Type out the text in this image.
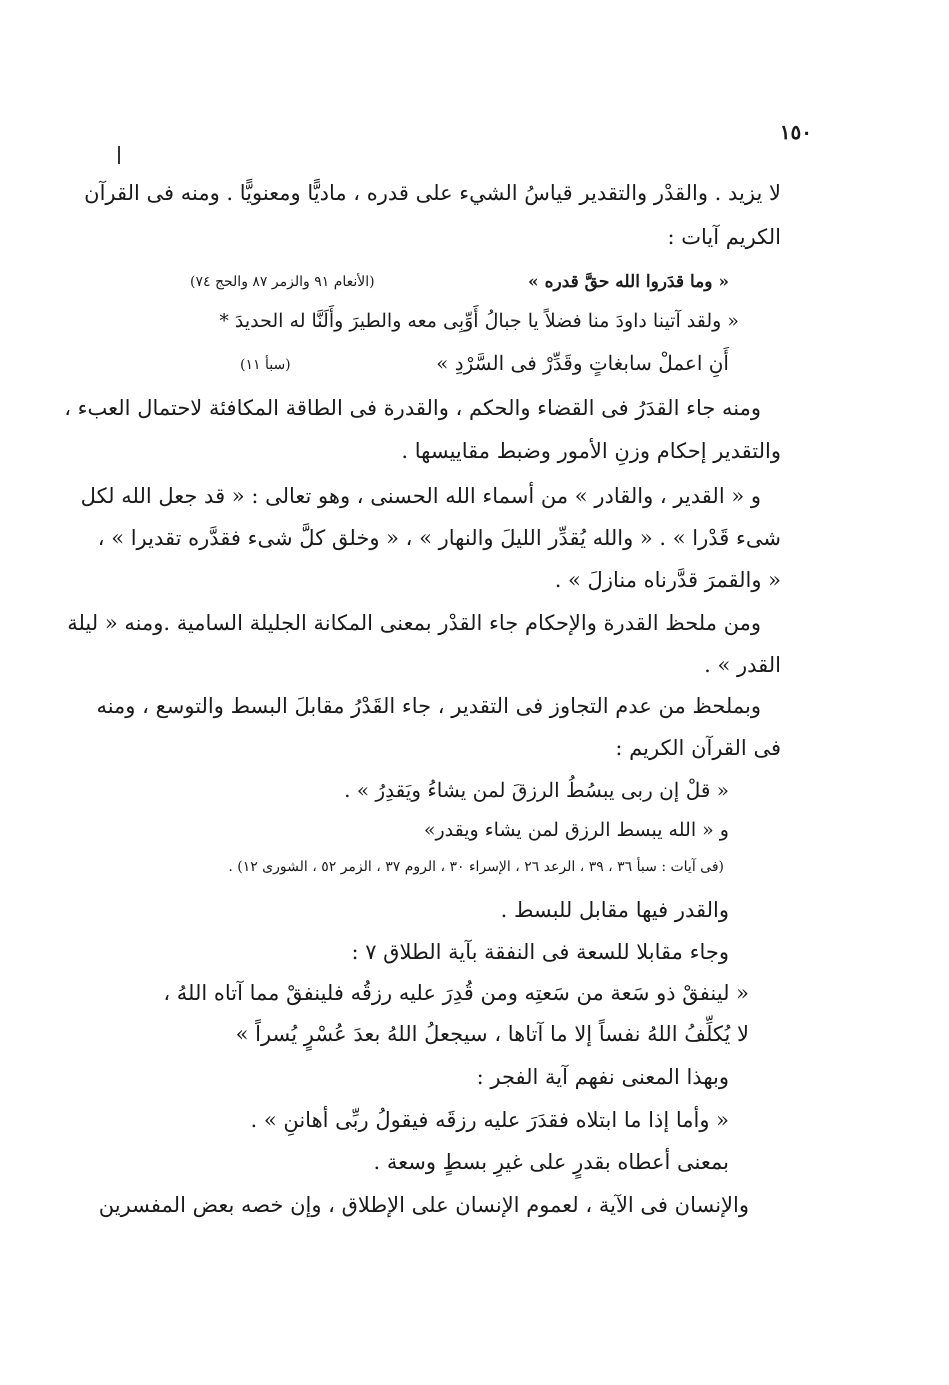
١٥٠
لا يزيد . والقدْر والتقدير قياسُ الشيء على قدره ، ماديًّا ومعنويًّا . ومنه فى القرآن
الكريم آيات :
« وما قدَروا الله حقَّ قدره »
(الأنعام ٩١ والزمر ٨٧ والحج ٧٤)
« ولقد آتينا داودَ منا فضلاً يا جبالُ أَوِّبِى معه والطيرَ وأَلَنَّا له الحديدَ *
أَنِ اعملْ سابغاتٍ وقَدِّرْ فى السَّرْدِ »
(سبأ ١١)
ومنه جاء القدَرُ فى القضاء والحكم ، والقدرة فى الطاقة المكافئة لاحتمال العبء ،
والتقدير إحكام وزنِ الأمور وضبط مقاييسها .
و « القدير ، والقادر » من أسماء الله الحسنى ، وهو تعالى : « قد جعل الله لكل
شىء قَدْرا » . « والله يُقدِّر الليلَ والنهار » ، « وخلق كلَّ شىء فقدَّره تقديرا » ،
« والقمرَ قدَّرناه منازلَ » .
ومن ملحظ القدرة والإحكام جاء القدْر بمعنى المكانة الجليلة السامية .ومنه « ليلة
القدر » .
وبملحظ من عدم التجاوز فى التقدير ، جاء القَدْرُ مقابلَ البسط والتوسع ، ومنه
فى القرآن الكريم :
« قلْ إن ربى يبسُطُ الرزقَ لمن يشاءُ ويَقدِرُ » .
و « الله يبسط الرزق لمن يشاء ويقدر»
(فى آيات : سبأ ٣٦ ، ٣٩ ، الرعد ٢٦ ، الإسراء ٣٠ ، الروم ٣٧ ، الزمر ٥٢ ، الشورى ١٢) .
والقدر فيها مقابل للبسط .
وجاء مقابلا للسعة فى النفقة بآية الطلاق ٧ :
« لينفقْ ذو سَعة من سَعتِه ومن قُدِرَ عليه رزقُه فلينفقْ مما آتاه اللهُ ،
لا يُكلِّفُ اللهُ نفساً إلا ما آتاها ، سيجعلُ اللهُ بعدَ عُسْرٍ يُسراً »
وبهذا المعنى نفهم آية الفجر :
« وأما إذا ما ابتلاه فقدَرَ عليه رزقَه فيقولُ ربِّى أهاننِ » .
بمعنى أعطاه بقدرٍ على غيرِ بسطٍ وسعة .
والإنسان فى الآية ، لعموم الإنسان على الإطلاق ، وإن خصه بعض المفسرين
